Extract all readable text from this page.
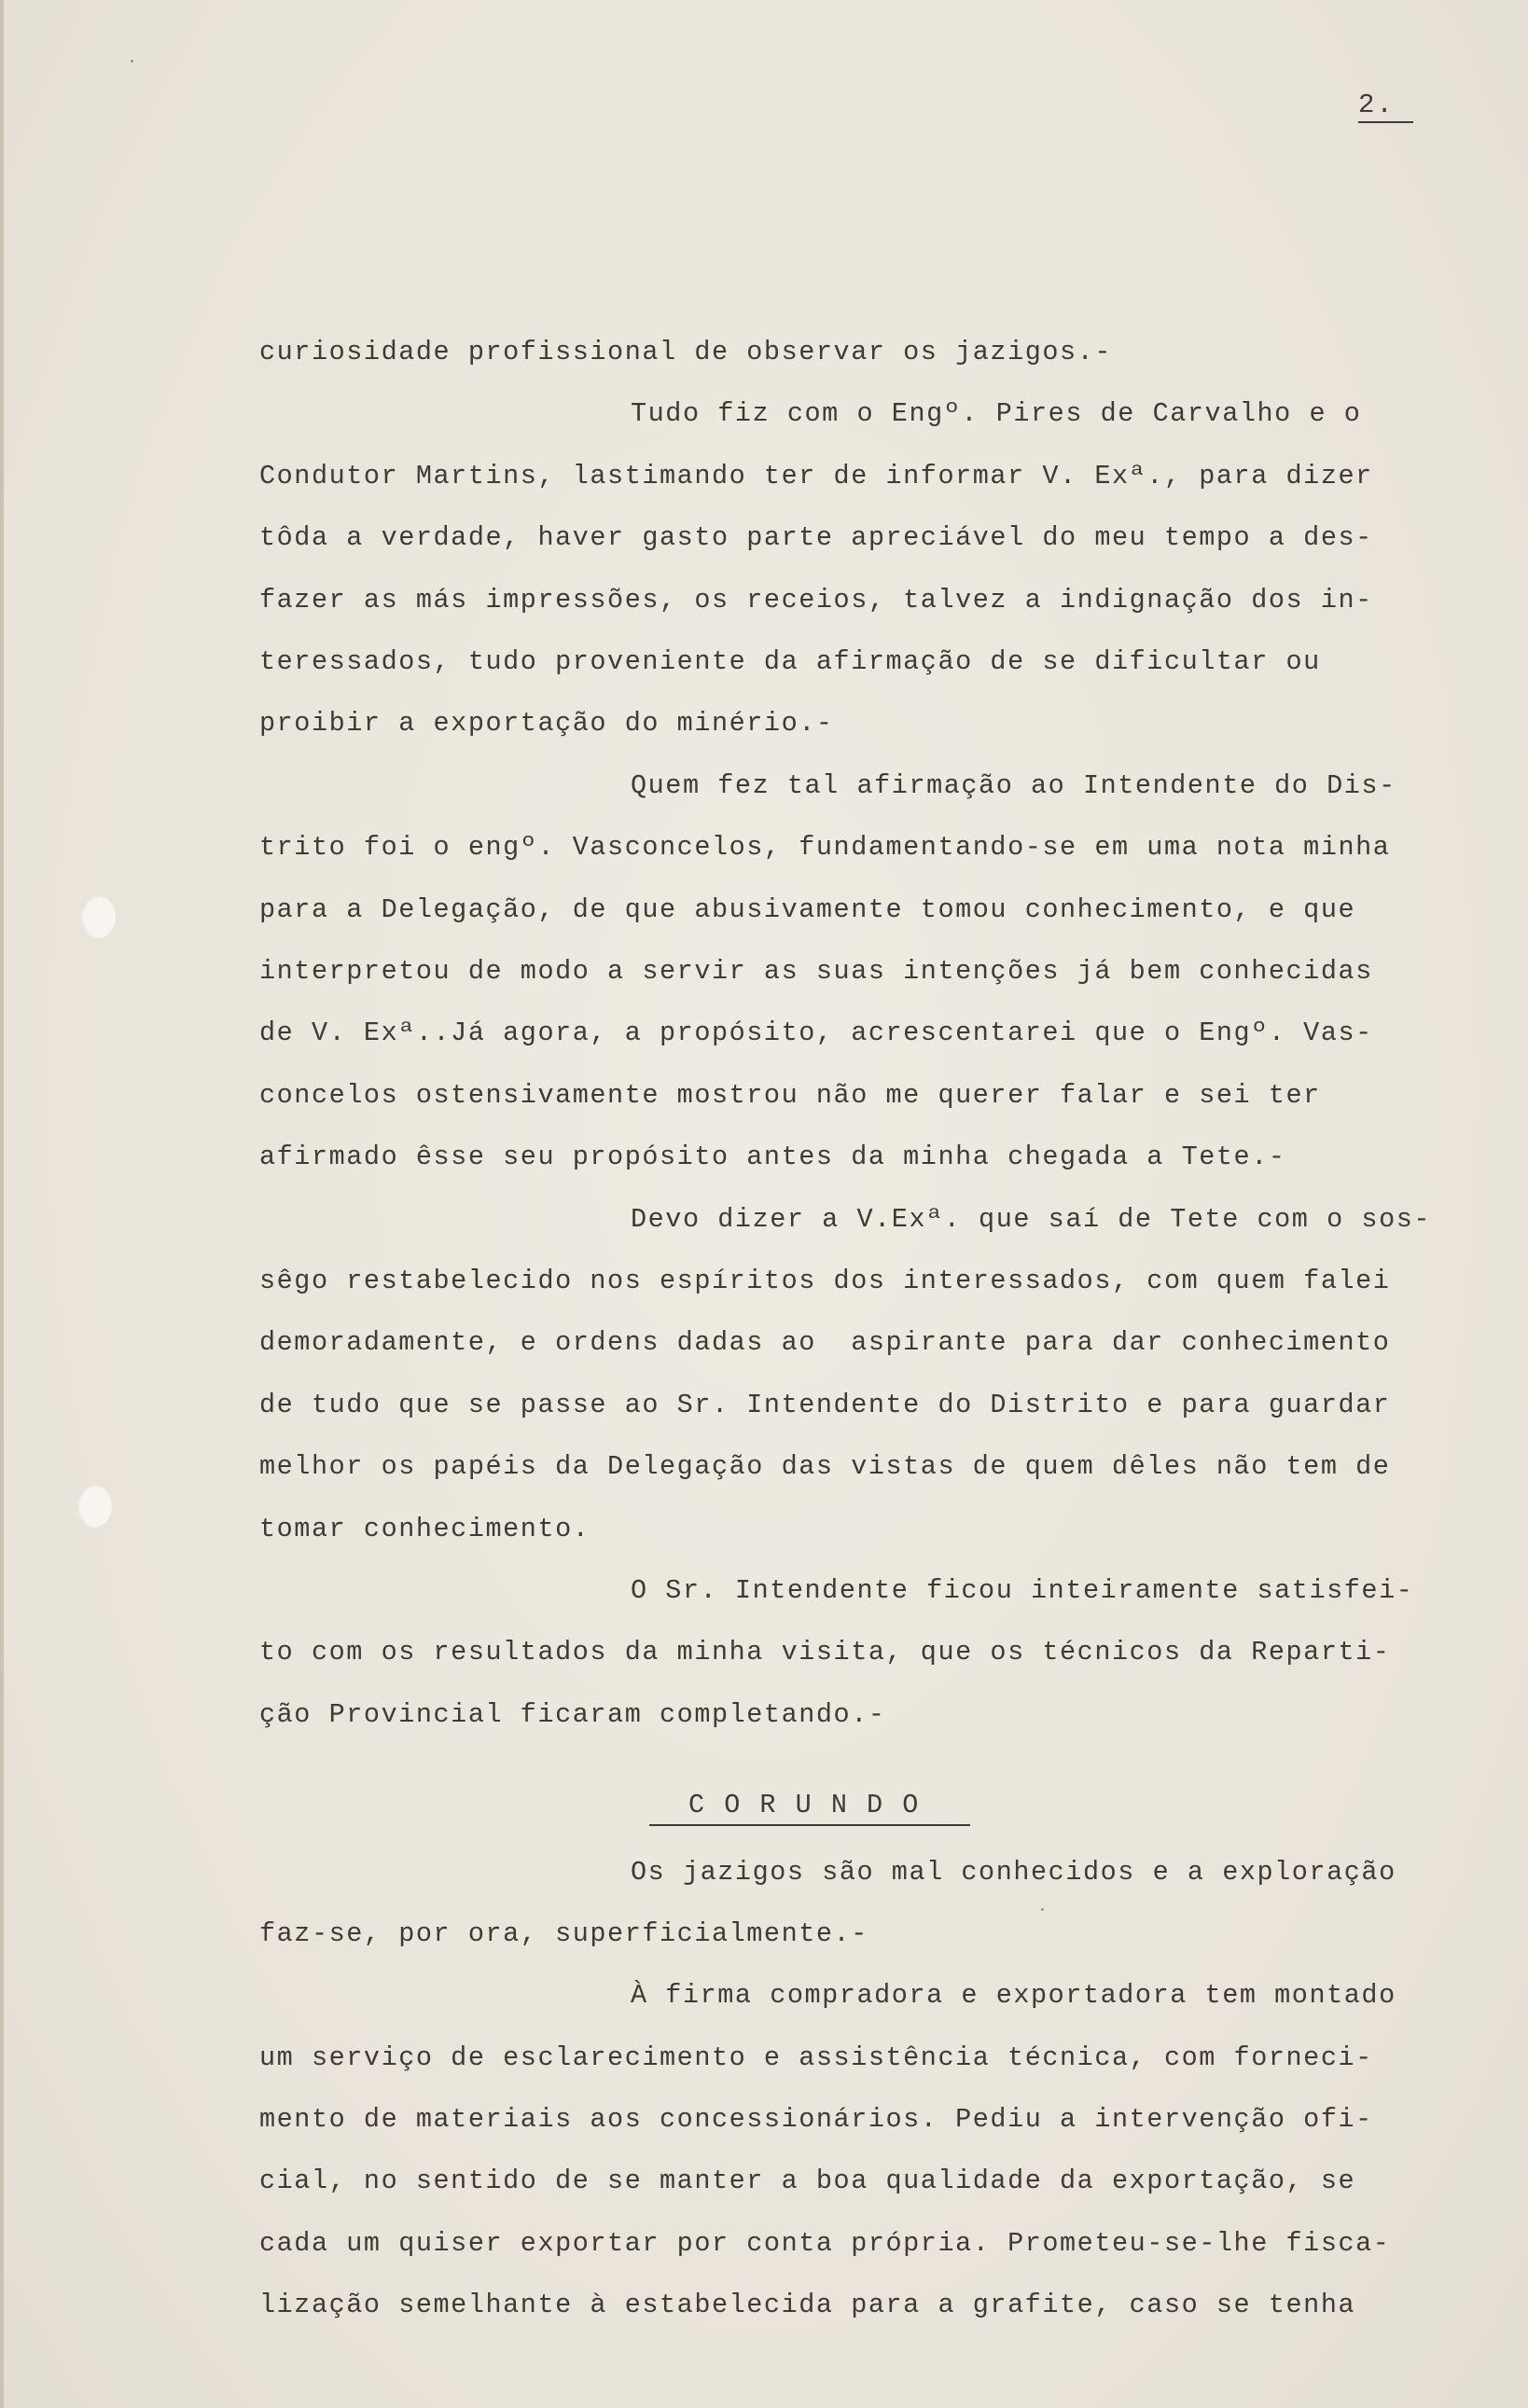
2.
curiosidade profissional de observar os jazigos.-
Tudo fiz com o Engº. Pires de Carvalho e o
Condutor Martins, lastimando ter de informar V. Exª., para dizer
tôda a verdade, haver gasto parte apreciável do meu tempo a des-
fazer as más impressões, os receios, talvez a indignação dos in-
teressados, tudo proveniente da afirmação de se dificultar ou
proibir a exportação do minério.-
Quem fez tal afirmação ao Intendente do Dis-
trito foi o engº. Vasconcelos, fundamentando-se em uma nota minha
para a Delegação, de que abusivamente tomou conhecimento, e que
interpretou de modo a servir as suas intenções já bem conhecidas
de V. Exª..Já agora, a propósito, acrescentarei que o Engº. Vas-
concelos ostensivamente mostrou não me querer falar e sei ter
afirmado êsse seu propósito antes da minha chegada a Tete.-
Devo dizer a V.Exª. que saí de Tete com o sos-
sêgo restabelecido nos espíritos dos interessados, com quem falei
demoradamente, e ordens dadas ao  aspirante para dar conhecimento
de tudo que se passe ao Sr. Intendente do Distrito e para guardar
melhor os papéis da Delegação das vistas de quem dêles não tem de
tomar conhecimento.
O Sr. Intendente ficou inteiramente satisfei-
to com os resultados da minha visita, que os técnicos da Reparti-
ção Provincial ficaram completando.-
C O R U N D O
Os jazigos são mal conhecidos e a exploração
faz-se, por ora, superficialmente.-
À firma compradora e exportadora tem montado
um serviço de esclarecimento e assistência técnica, com forneci-
mento de materiais aos concessionários. Pediu a intervenção ofi-
cial, no sentido de se manter a boa qualidade da exportação, se
cada um quiser exportar por conta própria. Prometeu-se-lhe fisca-
lização semelhante à estabelecida para a grafite, caso se tenha
